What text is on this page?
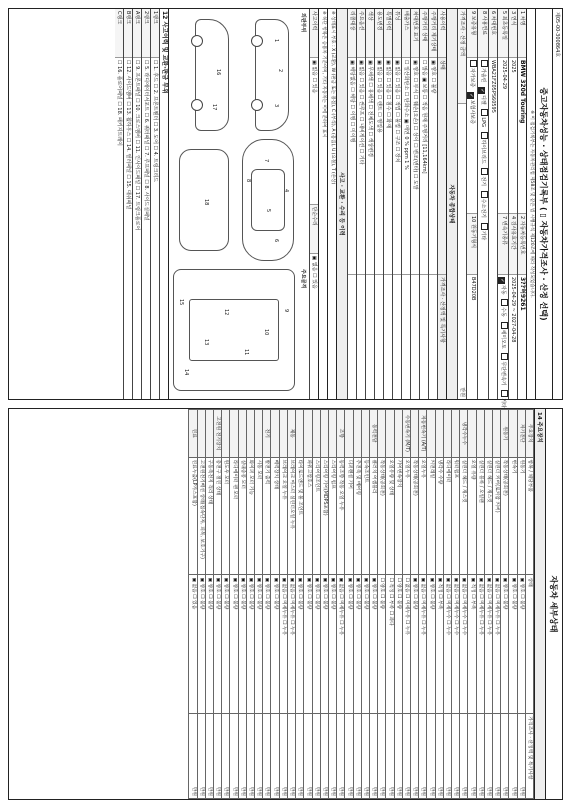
제05-00-300864호
중고자동차성능 · 상태점검기록부 ( ▯ 자동차가격조사 · 산정 선택)
※ 이 점검기록부는 자동차관리법 제58조 및 같은 법 시행규칙 제120조에 따라 작성되었습니다.
1 차명
BMW 320d Touring
2 자동차등록번호
3??허9261
3 연식
2025
4 검사유효기간
2025-04-29 ~ 2027-04-28
5 최초등록일
2025-04-29
7 변속기종류
✓자동 수동 세미오토 무단변속기 기타
6 차대번호
WBA21FZ05PS60595
8 사용연료
가솔린 ✓디젤 LPG 하이브리드 전기 수소전기 기타
9 보증유형
자가보증 ✓보험사보증
10 원동기형식
B47D20B
가격조사 · 산정 금액
만원
자동차 종합상태
사용이력
상태
가격조사 · 산정액 및 특기사항
주행거리 계기상태
▣ 양호 ☐ 불량
주행거리 상태
☐ 많음 ▣ 보통 ☐ 적음 현재 주행거리 [11,164km]
차대번호 표기
▣ 양호 ☐ 부식 ☐ 훼손(오손) ☐ 상이 ☐ 변조(변타) ☐ 도말
배출가스
☐ 일산화탄소 ☐ 탄화수소 ▣ 매연 0 % ppm 1 %
튜닝
▣ 없음 ☐ 있음 ☐ 적법 ☐ 불법 ☐ 구조 ☐ 장치
특별이력
▣ 없음 ☐ 있음 ☐ 침수 ☐ 화재
용도변경
▣ 없음 ☐ 있음 ☐ 렌트 ☐ 영업용
색상
▣ 무채색 ☐ 유채색 ☐ 전체도색 ☐ 색상변경
주요옵션
▣ 없음 ☐ 있음 ☐ 썬루프 ☐ 내비게이션 ☐ 기타
리콜대상
▣ 해당없음 ☐ 해당 ☐ 이행 ☐ 미이행
사고 · 교환 · 수리 등 이력
※ 상태표시 부호 : X (교환), W (판금 또는 용접), C (부식), A (흠집), U (요철), T (손상)
※ 하단 항목은 승용차 기준이며, 기타 자동차는 이에 준하여 표시
사고이력
▣ 없음 ☐ 있음
단순수리
▣ 없음 ☐ 있음
외판부위
주요골격
1
2
3
4
5
6
7
8
9
10
11
12
13
14
15
16
17
18
12 사고이력 및 교환·판금 부위
1랭크
☐ 1. 후드 ☐ 2. 프론트휀더 ☐ 3. 도어 ☐ 4. 트렁크리드
2랭크
☐ 5. 라디에이터서포트 ☐ 6. 쿼터패널 ☐ 7. 루프패널 ☐ 8. 사이드실패널
A랭크
☐ 9. 프론트패널 ☐ 10. 크로스멤버 ☐ 11. 인사이드패널 ☐ 17. 트렁크플로어
B랭크
☐ 12. 사이드멤버 ☐ 13. 휠하우스 ☐ 14. 필러패널 ☐ 15. 대쉬패널
C랭크
☐ 16. 플로어패널 ☐ 18. 패키지트레이
자동차 세부상태
14 주요장치
주요장치	항목 / 해당부품	상태	가격조사 · 산정액 및 특기사항
자기진단	원동기	▣ 양호 ☐ 불량	만원
	변속기	▣ 양호 ☐ 불량	만원
원동기	작동상태(공회전)	▣ 양호 ☐ 불량	만원
	실린더 커버(로커암 커버)	▣ 없음 ☐ 미세누유 ☐ 누유	만원
	실린더 헤드 / 개스킷	▣ 없음 ☐ 미세누유 ☐ 누유	만원
	실린더 블록 / 오일팬	▣ 없음 ☐ 미세누유 ☐ 누유	만원
	오일 유량	▣ 적정 ☐ 부족	만원
냉각수누수	실린더 헤드 / 개스킷	▣ 없음 ☐ 미세누수 ☐ 누수	만원
	워터펌프	▣ 없음 ☐ 미세누수 ☐ 누수	만원
	라디에이터	▣ 없음 ☐ 미세누수 ☐ 누수	만원
	냉각수 수량	▣ 적정 ☐ 부족	만원
	커먼레일	▣ 양호 ☐ 불량	만원
자동변속기 (A/T)	오일누유	▣ 없음 ☐ 미세누유 ☐ 누유	만원
	작동상태(공회전)	▣ 양호 ☐ 불량	만원
수동변속기 (M/T)	오일누유	☐ 없음 ☐ 미세누유 ☐ 누유	만원
	기어변속장치	☐ 양호 ☐ 불량	만원
	오일유량 및 상태	☐ 적정 ☐ 부족 ☐ 과다	만원
	작동상태(공회전)	☐ 양호 ☐ 불량	만원
동력전달	클러치 어셈블리	▣ 양호 ☐ 불량	만원
	등속조인트	▣ 양호 ☐ 불량	만원
	추진축 및 베어링	▣ 양호 ☐ 불량	만원
	디퍼렌셜 기어	▣ 양호 ☐ 불량	만원
조향	동력조향 작동 오일 누유	▣ 없음 ☐ 미세누유 ☐ 누유	만원
	스티어링 펌프	▣ 양호 ☐ 불량	만원
	스티어링 기어(MDPS포함)	▣ 양호 ☐ 불량	만원
	스티어링조인트	▣ 양호 ☐ 불량	만원
	파워고압호스	▣ 양호 ☐ 불량	만원
	타이로드엔드 및 볼 조인트	▣ 양호 ☐ 불량	만원
제동	브레이크 마스터 실린더오일 누유	▣ 없음 ☐ 미세누유 ☐ 누유	만원
	브레이크 오일 누유	▣ 없음 ☐ 미세누유 ☐ 누유	만원
	배력장치 상태	▣ 양호 ☐ 불량	만원
전기	발전기 출력	▣ 양호 ☐ 불량	만원
	시동 모터	▣ 양호 ☐ 불량	만원
	와이퍼 모터 기능	▣ 양호 ☐ 불량	만원
	실내송풍 모터	▣ 양호 ☐ 불량	만원
	라디에이터 팬 모터	▣ 양호 ☐ 불량	만원
	윈도우 모터	▣ 양호 ☐ 불량	만원
고전원 전기장치	충전구 절연 상태	▣ 양호 ☐ 불량	만원
	구동축전지 격리 상태	▣ 양호 ☐ 불량	만원
	고전원전기배선 상태(접속단자, 피복, 보호기구)	▣ 양호 ☐ 불량	만원
연료	연료누출(LP가스포함)	▣ 없음 ☐ 있음	만원
